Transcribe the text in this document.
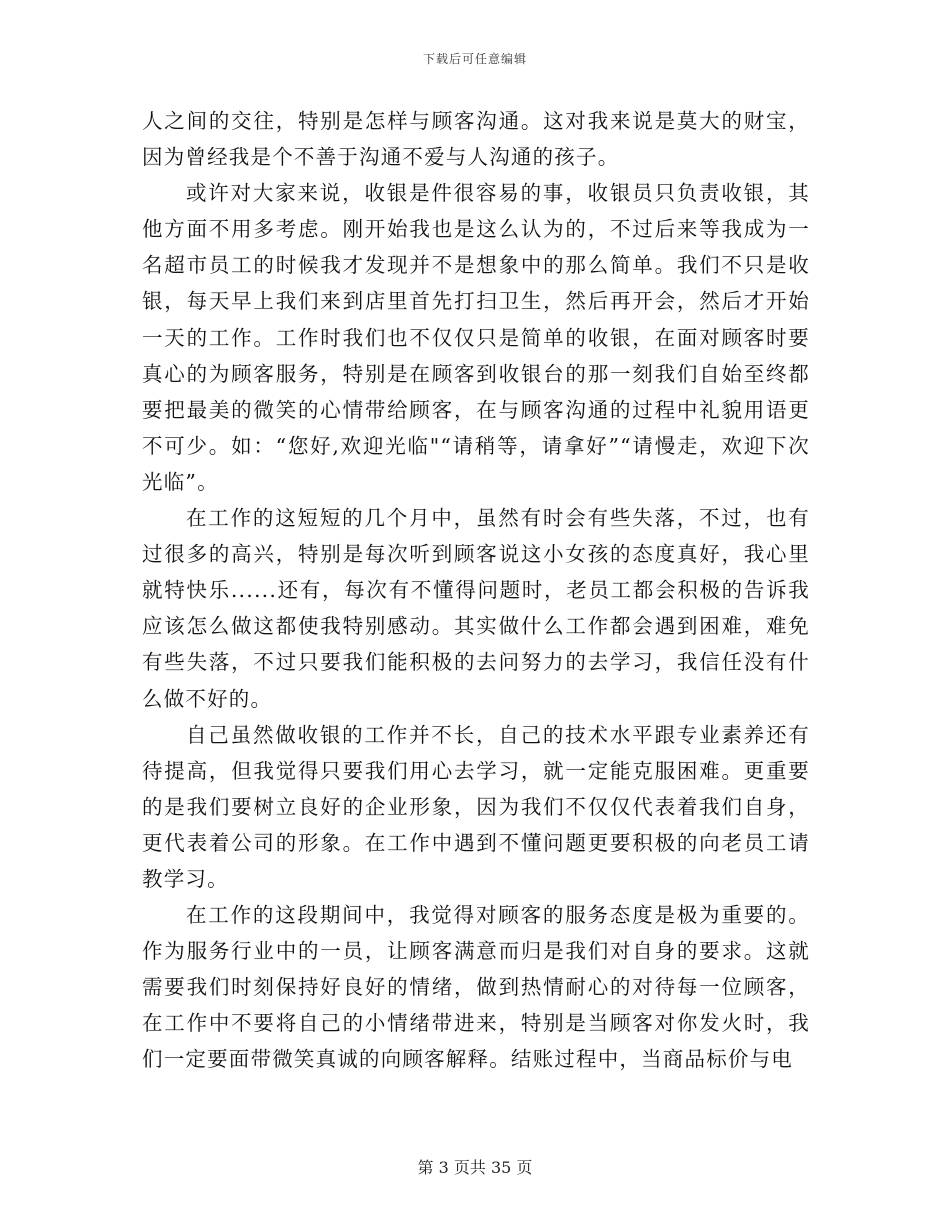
下载后可任意编辑

人之间的交往，特别是怎样与顾客沟通。这对我来说是莫大的财宝，因为曾经我是个不善于沟通不爱与人沟通的孩子。

或许对大家来说，收银是件很容易的事，收银员只负责收银，其他方面不用多考虑。刚开始我也是这么认为的，不过后来等我成为一名超市员工的时候我才发现并不是想象中的那么简单。我们不只是收银，每天早上我们来到店里首先打扫卫生，然后再开会，然后才开始一天的工作。工作时我们也不仅仅只是简单的收银，在面对顾客时要真心的为顾客服务，特别是在顾客到收银台的那一刻我们自始至终都要把最美的微笑的心情带给顾客，在与顾客沟通的过程中礼貌用语更不可少。如：“您好,欢迎光临"“请稍等，请拿好”“请慢走，欢迎下次光临”。

在工作的这短短的几个月中，虽然有时会有些失落，不过，也有过很多的高兴，特别是每次听到顾客说这小女孩的态度真好，我心里就特快乐......还有，每次有不懂得问题时，老员工都会积极的告诉我应该怎么做这都使我特别感动。其实做什么工作都会遇到困难，难免有些失落，不过只要我们能积极的去问努力的去学习，我信任没有什么做不好的。

自己虽然做收银的工作并不长，自己的技术水平跟专业素养还有待提高，但我觉得只要我们用心去学习，就一定能克服困难。更重要的是我们要树立良好的企业形象，因为我们不仅仅代表着我们自身，更代表着公司的形象。在工作中遇到不懂问题更要积极的向老员工请教学习。

在工作的这段期间中，我觉得对顾客的服务态度是极为重要的。作为服务行业中的一员，让顾客满意而归是我们对自身的要求。这就需要我们时刻保持好良好的情绪，做到热情耐心的对待每一位顾客，在工作中不要将自己的小情绪带进来，特别是当顾客对你发火时，我们一定要面带微笑真诚的向顾客解释。结账过程中，当商品标价与电

第 3 页共 35 页
